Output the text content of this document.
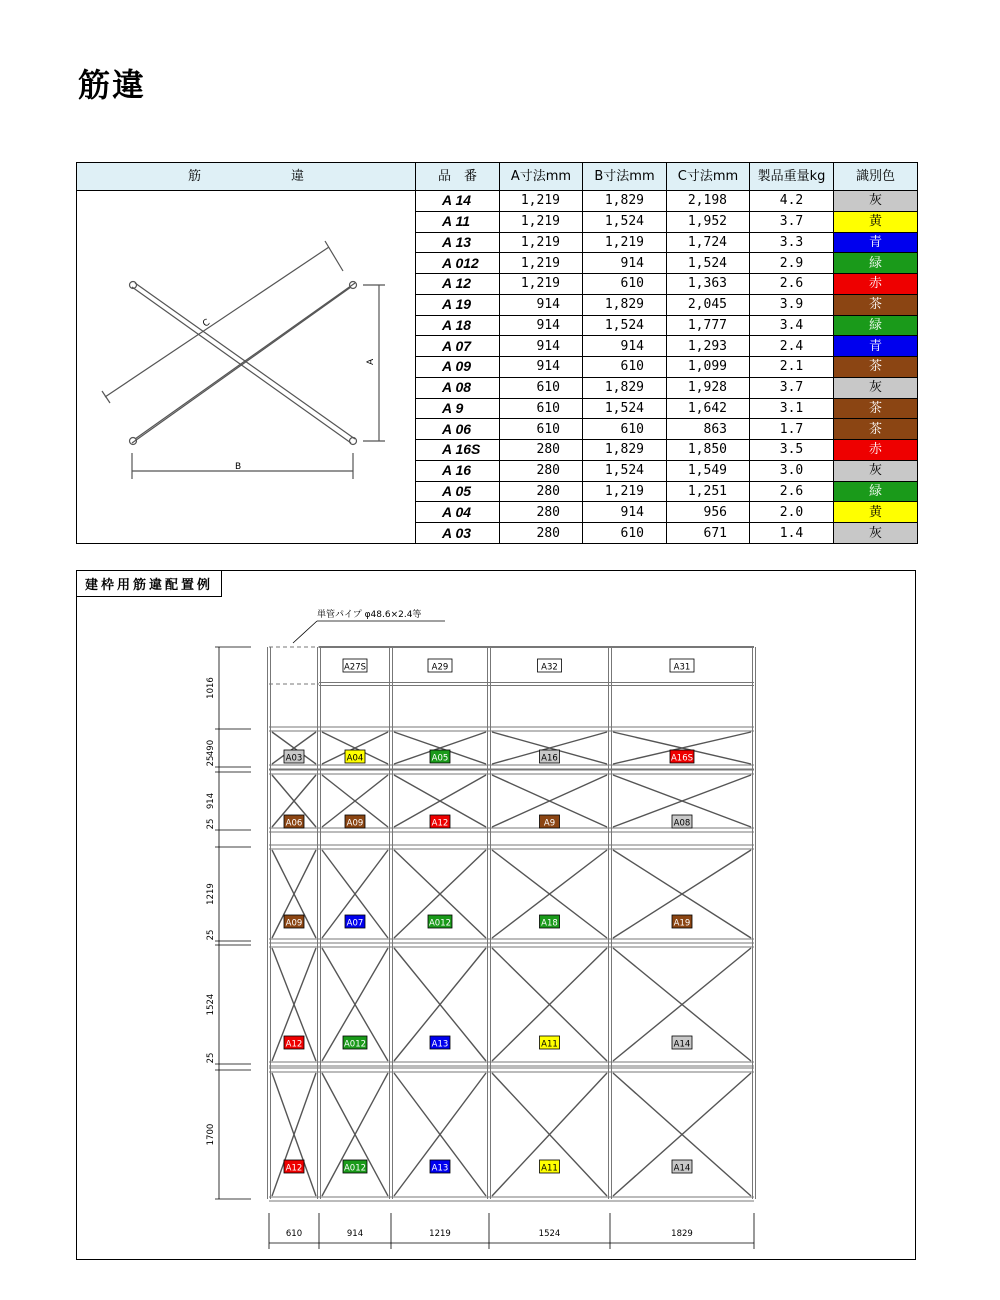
筋違
筋 違	品　番	A寸法mm	B寸法mm	C寸法mm	製品重量kg	識別色

C
B
A	A 14	1,219	1,829	2,198	4.2	灰
	A 11	1,219	1,524	1,952	3.7	黄
	A 13	1,219	1,219	1,724	3.3	青
	A 012	1,219	914	1,524	2.9	緑
	A 12	1,219	610	1,363	2.6	赤
	A 19	914	1,829	2,045	3.9	茶
	A 18	914	1,524	1,777	3.4	緑
	A 07	914	914	1,293	2.4	青
	A 09	914	610	1,099	2.1	茶
	A 08	610	1,829	1,928	3.7	灰
	A 9	610	1,524	1,642	3.1	茶
	A 06	610	610	863	1.7	茶
	A 16S	280	1,829	1,850	3.5	赤
	A 16	280	1,524	1,549	3.0	灰
	A 05	280	1,219	1,251	2.6	緑
	A 04	280	914	956	2.0	黄
	A 03	280	610	671	1.4	灰
建枠用筋違配置例
A27S	A29	A32	A31
A03	A04	A05	A16	A16S
A06	A09	A12	A9	A08
A09	A07	A012	A18	A19
A12	A012	A13	A11	A14
A12	A012	A13	A11	A14
単管パイプ φ48.6×2.4等
610	914	1219	1524	1829
1016
490
25
914
25
1219
25
1524
25
1700
